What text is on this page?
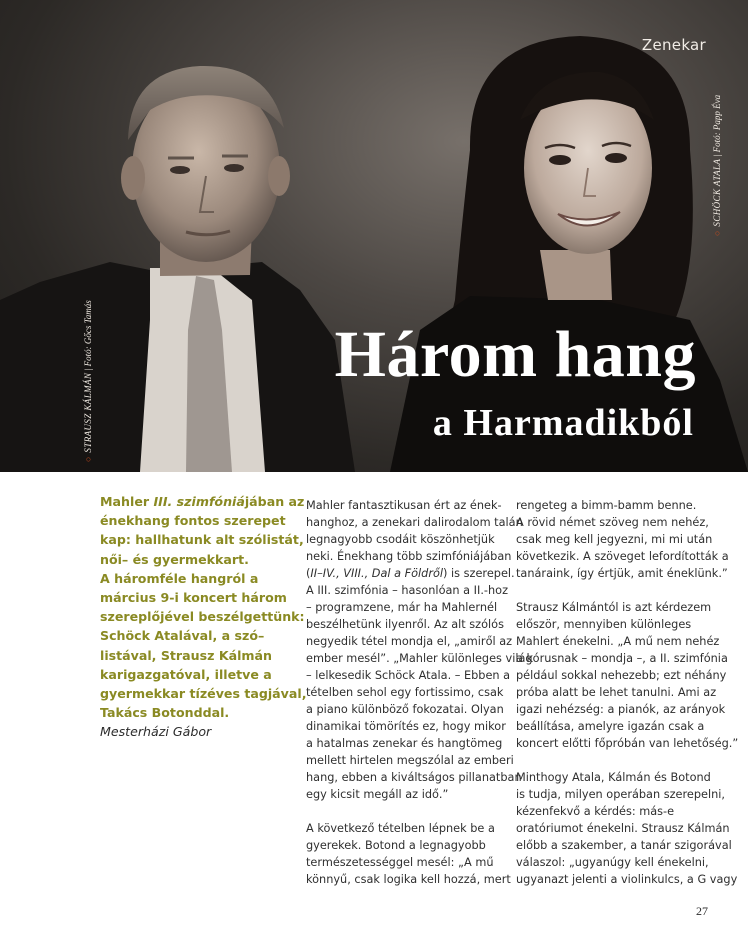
Zenekar
Három hang
a Harmadikból
○STRAUSZ KÁLMÁN | Fotó: Gőcs Tamás
○SCHÖCK ATALA | Fotó: Papp Éva
Mahler III. szimfóniájában az
énekhang fontos szerepet
kap: hallhatunk alt szólistát,
női– és gyermekkart.
A háromféle hangról a
március 9-i koncert három
szereplőjével beszélgettünk:
Schöck Atalával, a szó–
listával, Strausz Kálmán
karigazgatóval, illetve a
gyermekkar tízéves tagjával,
Takács Botonddal.
Mesterházi Gábor
Mahler fantasztikusan ért az ének-
hanghoz, a zenekari dalirodalom talán
legnagyobb csodáit köszönhetjük
neki. Énekhang több szimfóniájában
(II–IV., VIII., Dal a Földről) is szerepel.
A III. szimfónia – hasonlóan a II.-hoz
– programzene, már ha Mahlernél
beszélhetünk ilyenről. Az alt szólós
negyedik tétel mondja el, „amiről az
ember mesél”. „Mahler különleges világ
– lelkesedik Schöck Atala. – Ebben a
tételben sehol egy fortissimo, csak
a piano különböző fokozatai. Olyan
dinamikai tömörítés ez, hogy mikor
a hatalmas zenekar és hangtömeg
mellett hirtelen megszólal az emberi
hang, ebben a kiváltságos pillanatban
egy kicsit megáll az idő.”
A következő tételben lépnek be a
gyerekek. Botond a legnagyobb
természetességgel mesél: „A mű
könnyű, csak logika kell hozzá, mert
rengeteg a bimm-bamm benne.
A rövid német szöveg nem nehéz,
csak meg kell jegyezni, mi mi után
következik. A szöveget lefordították a
tanáraink, így értjük, amit éneklünk.”
Strausz Kálmántól is azt kérdezem
először, mennyiben különleges
Mahlert énekelni. „A mű nem nehéz
a kórusnak – mondja –, a II. szimfónia
például sokkal nehezebb; ezt néhány
próba alatt be lehet tanulni. Ami az
igazi nehézség: a pianók, az arányok
beállítása, amelyre igazán csak a
koncert előtti főpróbán van lehetőség.”
Minthogy Atala, Kálmán és Botond
is tudja, milyen operában szerepelni,
kézenfekvő a kérdés: más-e
oratóriumot énekelni. Strausz Kálmán
előbb a szakember, a tanár szigorával
válaszol: „ugyanúgy kell énekelni,
ugyanazt jelenti a violinkulcs, a G vagy
27
